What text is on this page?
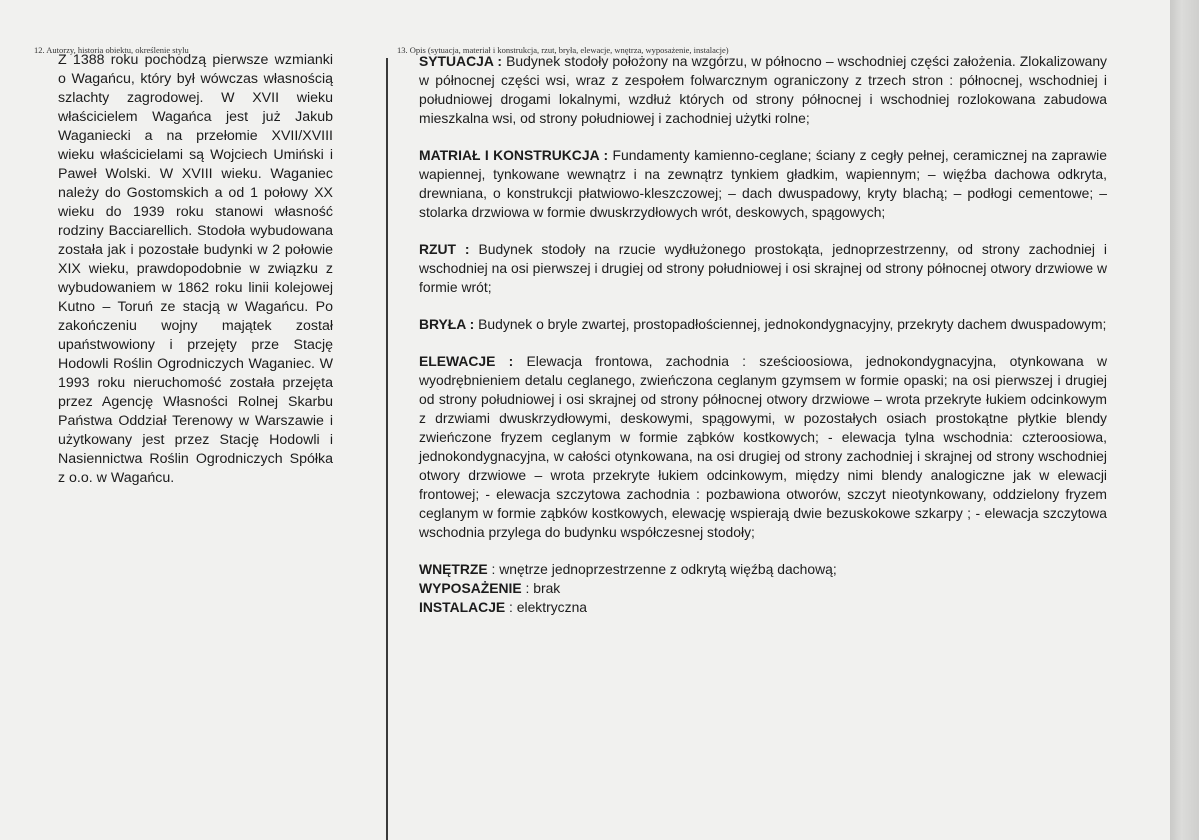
12. Autorzy, historia obiektu, określenie stylu	13. Opis (sytuacja, materiał i konstrukcja, rzut, bryła, elewacje, wnętrza, wyposażenie, instalacje)
Z 1388 roku pochodzą pierwsze wzmianki o Wagańcu, który był wówczas własnością szlachty zagrodowej. W XVII wieku właścicielem Wagańca jest już Jakub Waganiecki a na przełomie XVII/XVIII wieku właścicielami są Wojciech Umiński i Paweł Wolski. W XVIII wieku. Waganiec należy do Gostomskich a od 1 połowy XX wieku do 1939 roku stanowi własność rodziny Bacciarellich. Stodoła wybudowana została jak i pozostałe budynki w 2 połowie XIX wieku, prawdopodobnie w związku z wybudowaniem w 1862 roku linii kolejowej Kutno – Toruń ze stacją w Wagańcu. Po zakończeniu wojny majątek został upaństwowiony i przejęty prze Stację Hodowli Roślin Ogrodniczych Waganiec. W 1993 roku nieruchomość została przejęta przez Agencję Własności Rolnej Skarbu Państwa Oddział Terenowy w Warszawie i użytkowany jest przez Stację Hodowli i Nasiennictwa Roślin Ogrodniczych Spółka z o.o. w Wagańcu.

SYTUACJA : Budynek stodoły położony na wzgórzu, w północno – wschodniej części założenia. Zlokalizowany w północnej części wsi, wraz z zespołem folwarcznym ograniczony z trzech stron : północnej, wschodniej i południowej drogami lokalnymi, wzdłuż których od strony północnej i wschodniej rozlokowana zabudowa mieszkalna wsi, od strony południowej i zachodniej użytki rolne;

MATRIAŁ I KONSTRUKCJA : Fundamenty kamienno-ceglane; ściany z cegły pełnej, ceramicznej na zaprawie wapiennej, tynkowane wewnątrz i na zewnątrz tynkiem gładkim, wapiennym; – więźba dachowa odkryta, drewniana, o konstrukcji płatwiowo-kleszczowej; – dach dwuspadowy, kryty blachą; – podłogi cementowe; – stolarka drzwiowa w formie dwuskrzydłowych wrót, deskowych, spągowych;

RZUT : Budynek stodoły na rzucie wydłużonego prostokąta, jednoprzestrzenny, od strony zachodniej i wschodniej na osi pierwszej i drugiej od strony południowej i osi skrajnej od strony północnej otwory drzwiowe w formie wrót;

BRYŁA : Budynek o bryle zwartej, prostopadłościennej, jednokondygnacyjny, przekryty dachem dwuspadowym;

ELEWACJE : Elewacja frontowa, zachodnia : sześcioosiowa, jednokondygnacyjna, otynkowana w wyodrębnieniem detalu ceglanego, zwieńczona ceglanym gzymsem w formie opaski; na osi pierwszej i drugiej od strony południowej i osi skrajnej od strony północnej otwory drzwiowe – wrota przekryte łukiem odcinkowym z drzwiami dwuskrzydłowymi, deskowymi, spągowymi, w pozostałych osiach prostokątne płytkie blendy zwieńczone fryzem ceglanym w formie ząbków kostkowych; - elewacja tylna wschodnia: czteroosiowa, jednokondygnacyjna, w całości otynkowana, na osi drugiej od strony zachodniej i skrajnej od strony wschodniej otwory drzwiowe – wrota przekryte łukiem odcinkowym, między nimi blendy analogiczne jak w elewacji frontowej; - elewacja szczytowa zachodnia : pozbawiona otworów, szczyt nieotynkowany, oddzielony fryzem ceglanym w formie ząbków kostkowych, elewację wspierają dwie bezuskokowe szkarpy ; - elewacja szczytowa wschodnia przylega do budynku współczesnej stodoły;

WNĘTRZE : wnętrze jednoprzestrzenne z odkrytą więźbą dachową;
WYPOSAŻENIE : brak
INSTALACJE : elektryczna
